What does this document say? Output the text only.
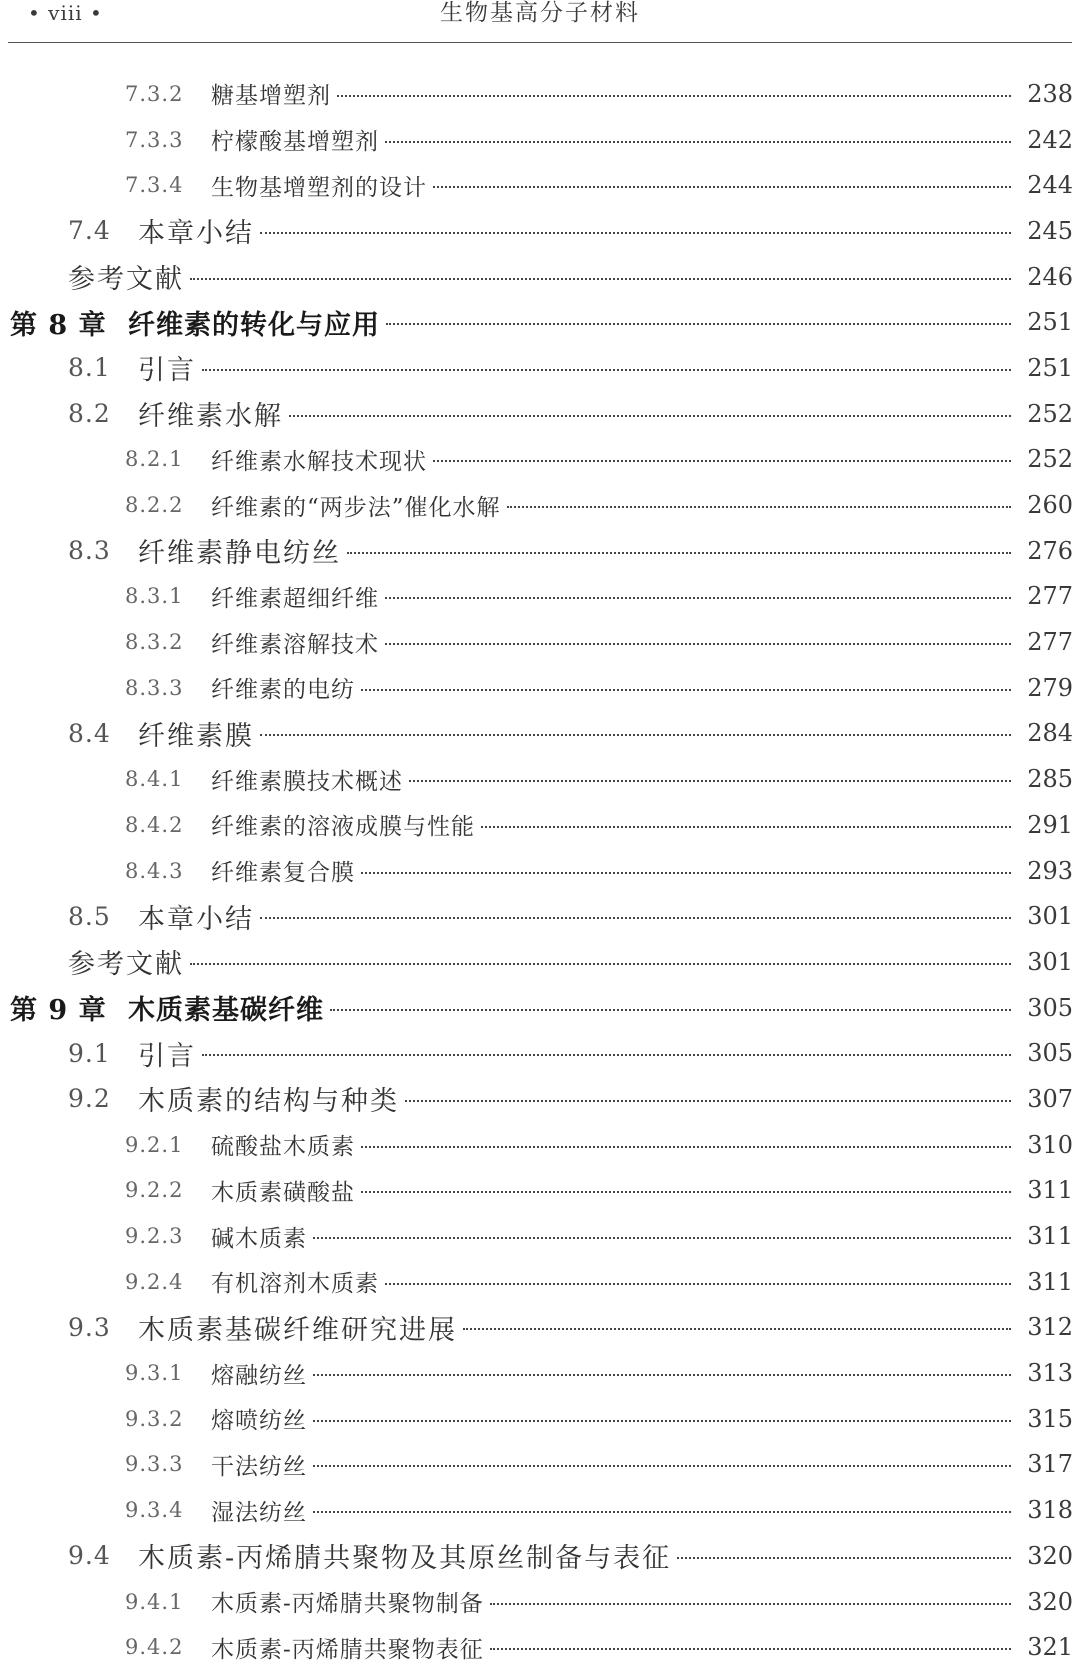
• viii •	生物基高分子材料
7.3.2	糖基增塑剂	238
7.3.3	柠檬酸基增塑剂	242
7.3.4	生物基增塑剂的设计	244
7.4	本章小结	245
参考文献	246
第 8 章 纤维素的转化与应用	251
8.1	引言	251
8.2	纤维素水解	252
8.2.1	纤维素水解技术现状	252
8.2.2	纤维素的“两步法”催化水解	260
8.3	纤维素静电纺丝	276
8.3.1	纤维素超细纤维	277
8.3.2	纤维素溶解技术	277
8.3.3	纤维素的电纺	279
8.4	纤维素膜	284
8.4.1	纤维素膜技术概述	285
8.4.2	纤维素的溶液成膜与性能	291
8.4.3	纤维素复合膜	293
8.5	本章小结	301
参考文献	301
第 9 章 木质素基碳纤维	305
9.1	引言	305
9.2	木质素的结构与种类	307
9.2.1	硫酸盐木质素	310
9.2.2	木质素磺酸盐	311
9.2.3	碱木质素	311
9.2.4	有机溶剂木质素	311
9.3	木质素基碳纤维研究进展	312
9.3.1	熔融纺丝	313
9.3.2	熔喷纺丝	315
9.3.3	干法纺丝	317
9.3.4	湿法纺丝	318
9.4	木质素-丙烯腈共聚物及其原丝制备与表征	320
9.4.1	木质素-丙烯腈共聚物制备	320
9.4.2	木质素-丙烯腈共聚物表征	321
